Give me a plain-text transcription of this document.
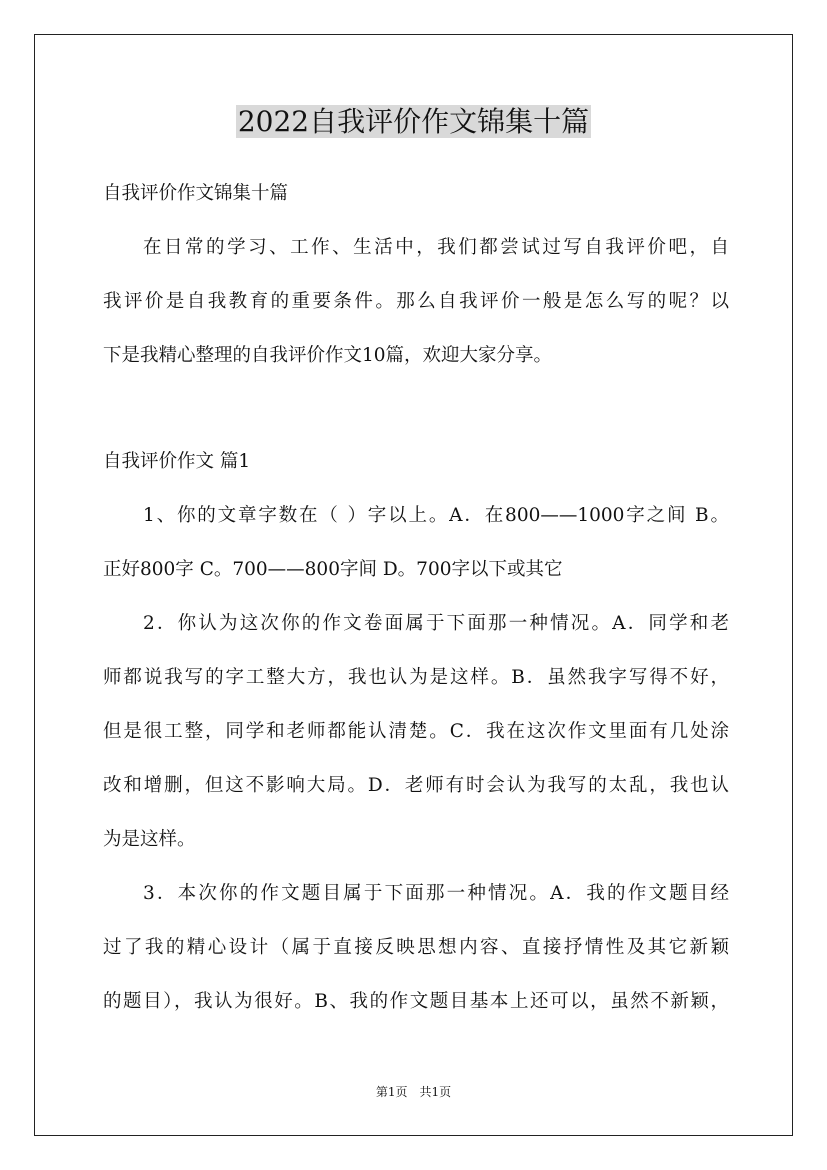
2022自我评价作文锦集十篇
自我评价作文锦集十篇
在日常的学习、工作、生活中，我们都尝试过写自我评价吧，自
我评价是自我教育的重要条件。那么自我评价一般是怎么写的呢？以
下是我精心整理的自我评价作文10篇，欢迎大家分享。
自我评价作文 篇1
1、你的文章字数在（ ）字以上。A．在800——1000字之间 B。
正好800字 C。700——800字间 D。700字以下或其它
2．你认为这次你的作文卷面属于下面那一种情况。A．同学和老
师都说我写的字工整大方，我也认为是这样。B．虽然我字写得不好，
但是很工整，同学和老师都能认清楚。C．我在这次作文里面有几处涂
改和增删，但这不影响大局。D．老师有时会认为我写的太乱，我也认
为是这样。
3．本次你的作文题目属于下面那一种情况。A．我的作文题目经
过了我的精心设计（属于直接反映思想内容、直接抒情性及其它新颖
的题目），我认为很好。B、我的作文题目基本上还可以，虽然不新颖，
第1页　共1页
